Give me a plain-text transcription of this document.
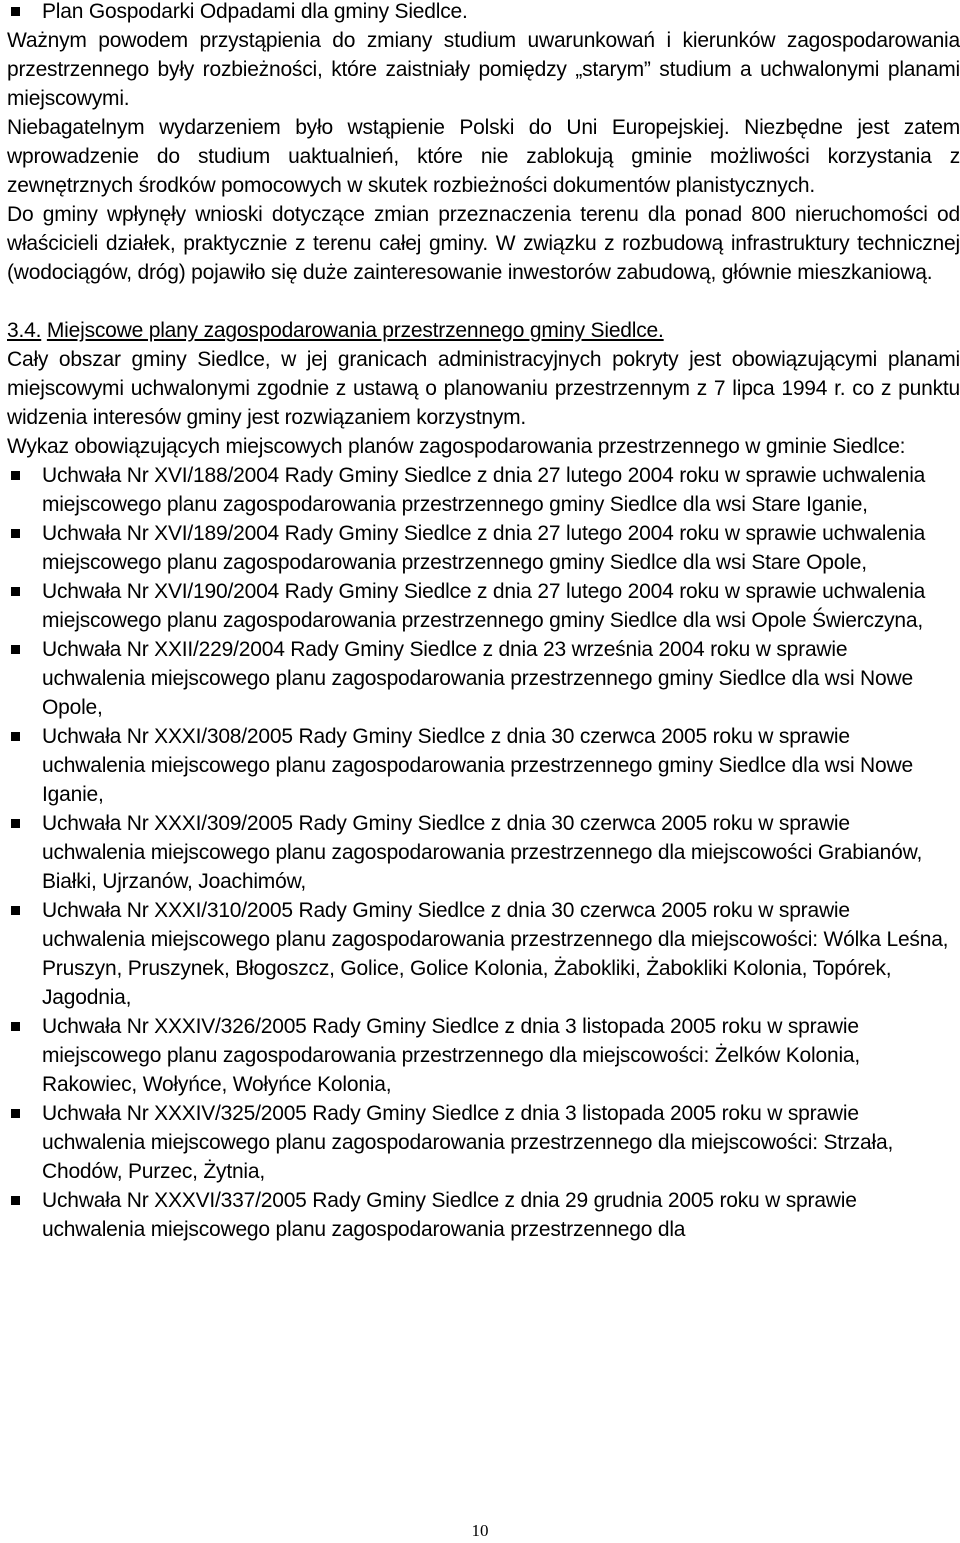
Plan Gospodarki Odpadami dla gminy Siedlce.

Ważnym powodem przystąpienia do zmiany studium uwarunkowań i kierunków zagospodarowania przestrzennego były rozbieżności, które zaistniały pomiędzy „starym” studium a uchwalonymi planami miejscowymi.

Niebagatelnym wydarzeniem było wstąpienie Polski do Uni Europejskiej. Niezbędne jest zatem wprowadzenie do studium uaktualnień, które nie zablokują gminie możliwości korzystania z zewnętrznych środków pomocowych w skutek rozbieżności dokumentów planistycznych.

Do gminy wpłynęły wnioski dotyczące zmian przeznaczenia terenu dla ponad 800 nieruchomości od właścicieli działek, praktycznie z terenu całej gminy. W związku z rozbudową infrastruktury technicznej (wodociągów, dróg) pojawiło się duże zainteresowanie inwestorów zabudową, głównie mieszkaniową.

3.4. Miejscowe plany zagospodarowania przestrzennego gminy Siedlce.

Cały obszar gminy Siedlce, w jej granicach administracyjnych pokryty jest obowiązującymi planami miejscowymi uchwalonymi zgodnie z ustawą o planowaniu przestrzennym z 7 lipca 1994 r. co z punktu widzenia interesów gminy jest rozwiązaniem korzystnym.

Wykaz obowiązujących miejscowych planów zagospodarowania przestrzennego w gminie Siedlce:

Uchwała Nr XVI/188/2004 Rady Gminy Siedlce z dnia 27 lutego 2004 roku w sprawie uchwalenia miejscowego planu zagospodarowania przestrzennego gminy Siedlce dla wsi Stare Iganie,
Uchwała Nr XVI/189/2004 Rady Gminy Siedlce z dnia 27 lutego 2004 roku w sprawie uchwalenia miejscowego planu zagospodarowania przestrzennego gminy Siedlce dla wsi Stare Opole,
Uchwała Nr XVI/190/2004 Rady Gminy Siedlce z dnia 27 lutego 2004 roku w sprawie uchwalenia miejscowego planu zagospodarowania przestrzennego gminy Siedlce dla wsi Opole Świerczyna,
Uchwała Nr XXII/229/2004 Rady Gminy Siedlce z dnia 23 września 2004 roku w sprawie uchwalenia miejscowego planu zagospodarowania przestrzennego gminy Siedlce dla wsi Nowe Opole,
Uchwała Nr XXXI/308/2005 Rady Gminy Siedlce z dnia 30 czerwca 2005 roku w sprawie uchwalenia miejscowego planu zagospodarowania przestrzennego gminy Siedlce dla wsi Nowe Iganie,
Uchwała Nr XXXI/309/2005 Rady Gminy Siedlce z dnia 30 czerwca 2005 roku w sprawie uchwalenia miejscowego planu zagospodarowania przestrzennego dla miejscowości Grabianów, Białki, Ujrzanów, Joachimów,
Uchwała Nr XXXI/310/2005 Rady Gminy Siedlce z dnia 30 czerwca 2005 roku w sprawie uchwalenia miejscowego planu zagospodarowania przestrzennego dla miejscowości: Wólka Leśna, Pruszyn, Pruszynek, Błogoszcz, Golice, Golice Kolonia, Żabokliki, Żabokliki Kolonia, Topórek, Jagodnia,
Uchwała Nr XXXIV/326/2005 Rady Gminy Siedlce z dnia 3 listopada 2005 roku w sprawie miejscowego planu zagospodarowania przestrzennego dla miejscowości: Żelków Kolonia, Rakowiec, Wołyńce, Wołyńce Kolonia,
Uchwała Nr XXXIV/325/2005 Rady Gminy Siedlce z dnia 3 listopada 2005 roku w sprawie uchwalenia miejscowego planu zagospodarowania przestrzennego dla miejscowości: Strzała, Chodów, Purzec, Żytnia,
Uchwała Nr XXXVI/337/2005 Rady Gminy Siedlce z dnia 29 grudnia 2005 roku w sprawie uchwalenia miejscowego planu zagospodarowania przestrzennego dla
10
